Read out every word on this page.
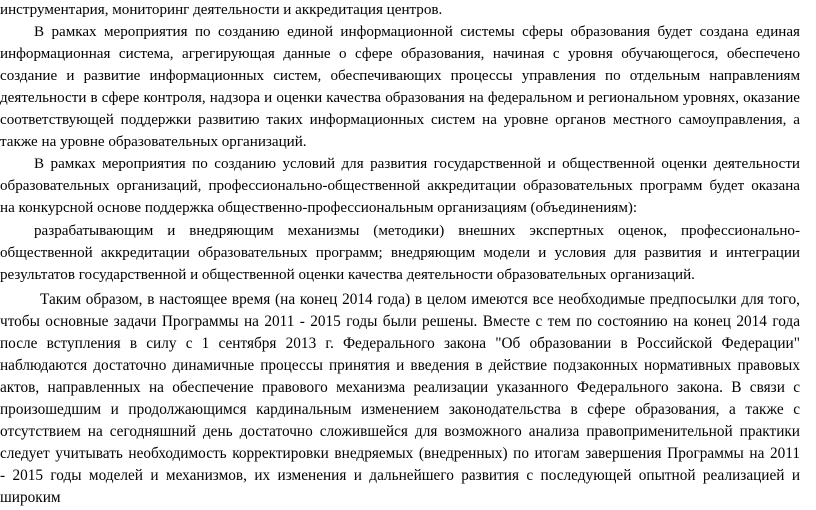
инструментария, мониторинг деятельности и аккредитация центров.
В рамках мероприятия по созданию единой информационной системы сферы образования будет создана единая
информационная система, агрегирующая данные о сфере образования, начиная с уровня обучающегося, обеспечено
создание и развитие информационных систем, обеспечивающих процессы управления по отдельным направлениям
деятельности в сфере контроля, надзора и оценки качества образования на федеральном и региональном уровнях, оказание
соответствующей поддержки развитию таких информационных систем на уровне органов местного самоуправления, а
также на уровне образовательных организаций.
В рамках мероприятия по созданию условий для развития государственной и общественной оценки деятельности
образовательных организаций, профессионально-общественной аккредитации образовательных программ будет оказана
на конкурсной основе поддержка общественно-профессиональным организациям (объединениям):
разрабатывающим и внедряющим механизмы (методики) внешних экспертных оценок, профессионально-
общественной аккредитации образовательных программ; внедряющим модели и условия для развития и интеграции
результатов государственной и общественной оценки качества деятельности образовательных организаций.
Таким образом, в настоящее время (на конец 2014 года) в целом имеются все необходимые предпосылки для того,
чтобы основные задачи Программы на 2011 - 2015 годы были решены. Вместе с тем по состоянию на конец 2014 года
после вступления в силу с 1 сентября 2013 г. Федерального закона "Об образовании в Российской Федерации"
наблюдаются достаточно динамичные процессы принятия и введения в действие подзаконных нормативных правовых
актов, направленных на обеспечение правового механизма реализации указанного Федерального закона. В связи с
произошедшим и продолжающимся кардинальным изменением законодательства в сфере образования, а также с
отсутствием на сегодняшний день достаточно сложившейся для возможного анализа правоприменительной практики
следует учитывать необходимость корректировки внедряемых (внедренных) по итогам завершения Программы на 2011
- 2015 годы моделей и механизмов, их изменения и дальнейшего развития с последующей опытной реализацией и
широким
